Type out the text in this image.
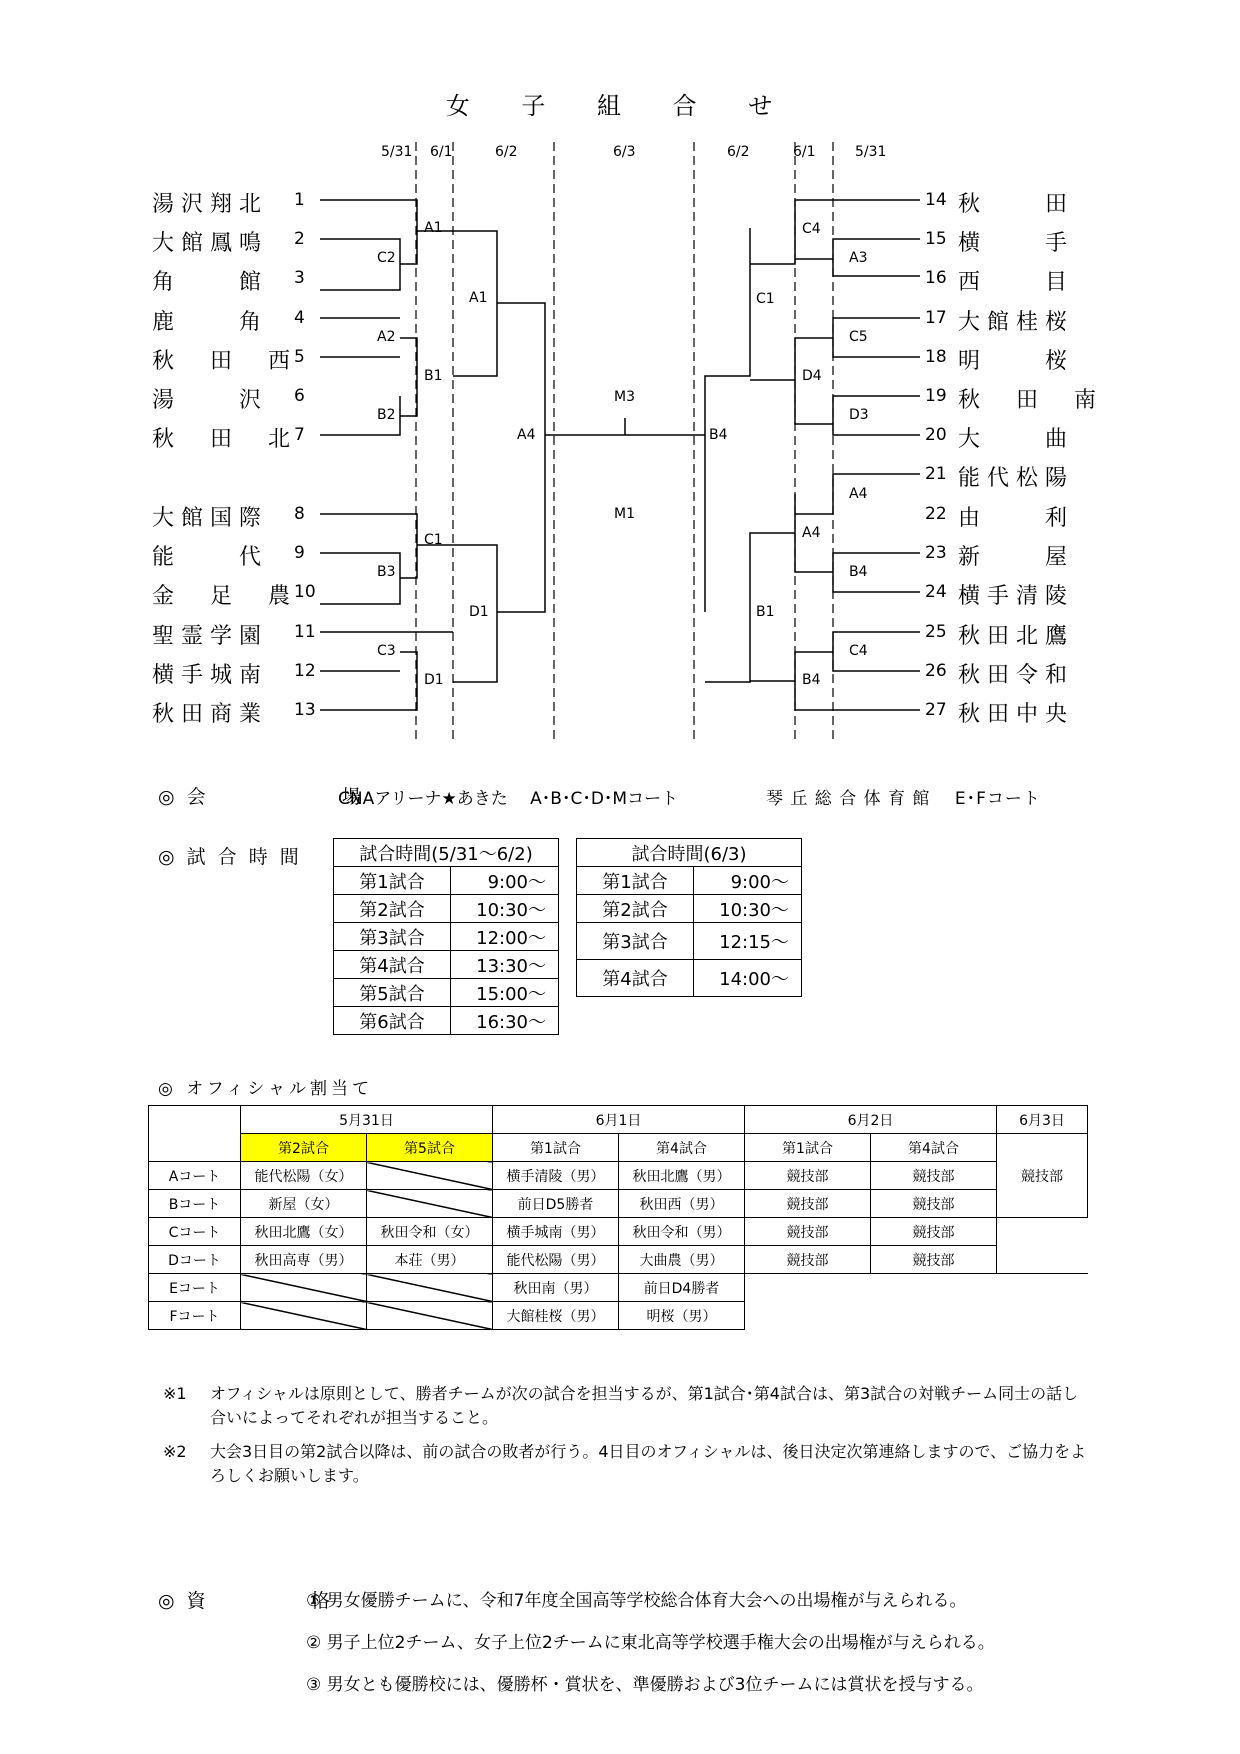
女 子 組 合 せ
5/31 6/1	6/2	6/3	6/2	6/1	5/31
A1
C2
A1
A2
B1
B2
A4
C1
B3
D1
C3
D1
M3
M1
C4
A3
C1
C5
D4
D3
B4
A4
A4
B4
B1
C4
B4
湯 沢 翔 北
大 館 鳳 鳴
角 　 　 館
鹿 　 　 角
秋 　 田 　 西
湯 　 　 沢
秋 　 田 　 北
大 館 国 際
能 　 　 代
金 　 足 　 農
聖 霊 学 園
横 手 城 南
秋 田 商 業
1
2
3
4
5
6
7
8
9
10
11
12
13
14
15
16
17
18
19
20
21
22
23
24
25
26
27
秋 　 　 田
横 　 　 手
西 　 　 目
大 館 桂 桜
明 　 　 桜
秋 　 田 　 南
大 　 　 曲
能 代 松 陽
由 　 　 利
新 　 　 屋
横 手 清 陵
秋 田 北 鷹
秋 田 令 和
秋 田 中 央
◎ 会 　 　 　 　 場
CNAアリーナ★あきた 　A･B･C･D･Mコート	琴 丘 総 合 体 育 館 　E･Fコート
◎ 試 合 時 間	試合時間(5/31～6/2)	
第1試合	9:00～
第2試合	10:30～
第3試合	12:00～
第4試合	13:30～
第5試合	15:00～
第6試合	16:30～
試合時間(6/3)	
第1試合	9:00～
第2試合	10:30～
第3試合	12:15～
第4試合	14:00～
◎ オフィシャル割当て
	5月31日		6月1日		6月2日		6月3日
	第2試合	第5試合	第1試合	第4試合	第1試合	第4試合	競技部
Aコート	能代松陽（女）		横手清陵（男）	秋田北鷹（男）	競技部	競技部	
Bコート	新屋（女）		前日D5勝者	秋田西（男）	競技部	競技部	
Cコート	秋田北鷹（女）	秋田令和（女）	横手城南（男）	秋田令和（男）	競技部	競技部	
Dコート	秋田高専（男）	本荘（男）	能代松陽（男）	大曲農（男）	競技部	競技部	
Eコート			秋田南（男）	前日D4勝者			
Fコート			大館桂桜（男）	明桜（男）			
※1 オフィシャルは原則として、勝者チームが次の試合を担当するが、第1試合･第4試合は、第3試合の対戦チーム同士の話し合いによってそれぞれが担当すること。
※2 大会3日目の第2試合以降は、前の試合の敗者が行う。4日目のオフィシャルは、後日決定次第連絡しますので、ご協力をよろしくお願いします。
◎ 資 　 　 　 格
① 男女優勝チームに、令和7年度全国高等学校総合体育大会への出場権が与えられる。
② 男子上位2チーム、女子上位2チームに東北高等学校選手権大会の出場権が与えられる。
③ 男女とも優勝校には、優勝杯・賞状を、準優勝および3位チームには賞状を授与する。
